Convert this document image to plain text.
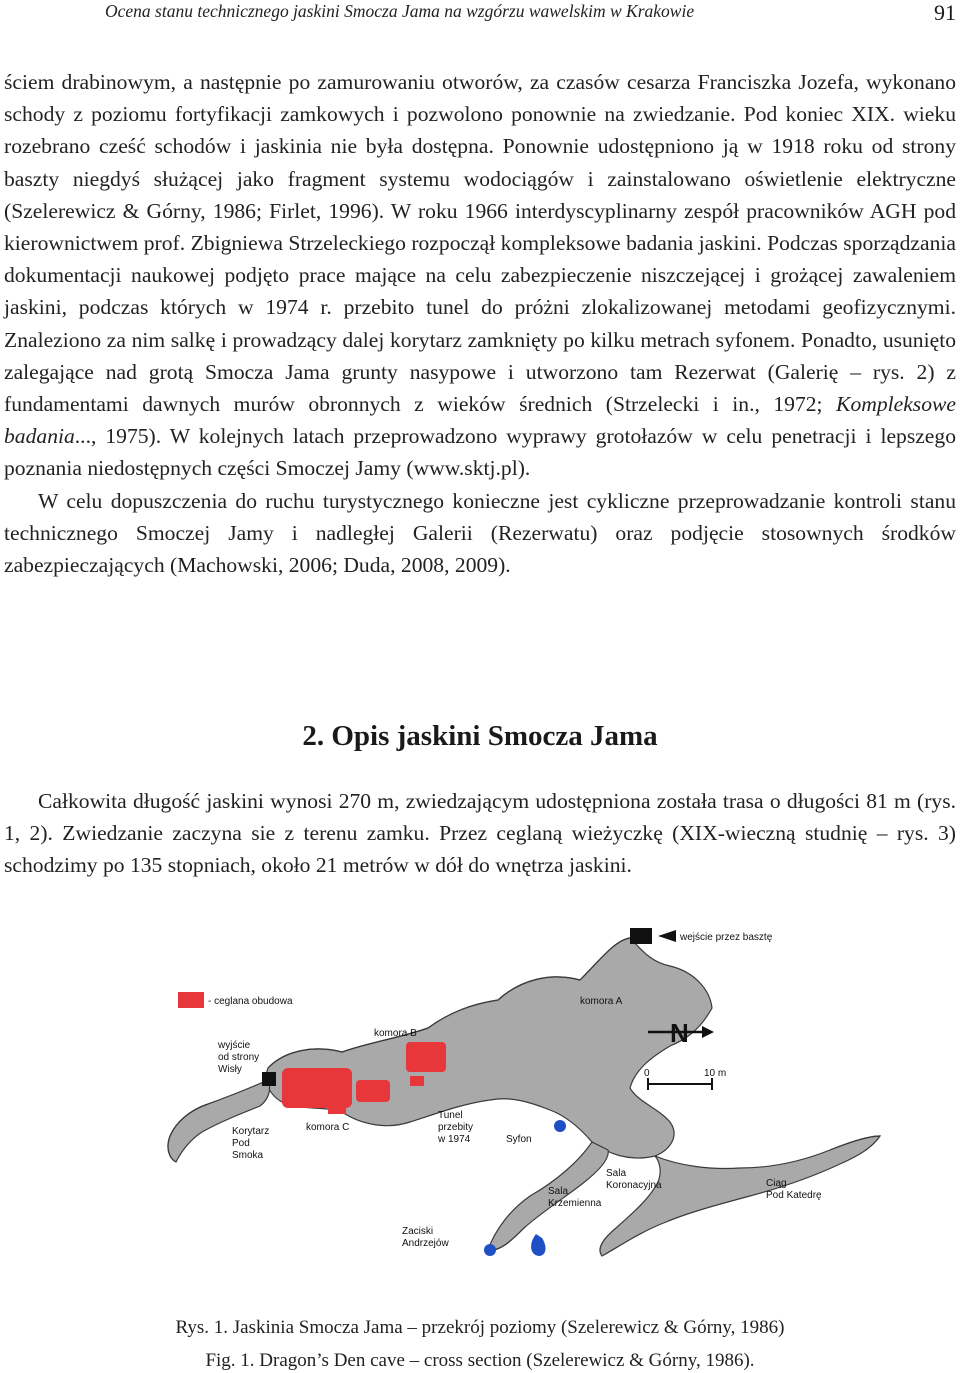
Ocena stanu technicznego jaskini Smocza Jama na wzgórzu wawelskim w Krakowie	91

ściem drabinowym, a następnie po zamurowaniu otworów, za czasów cesarza Franciszka Jozefa, wykonano schody z poziomu fortyfikacji zamkowych i pozwolono ponownie na zwiedzanie. Pod koniec XIX. wieku rozebrano cześć schodów i jaskinia nie była dostępna. Ponownie udostępniono ją w 1918 roku od strony baszty niegdyś służącej jako fragment systemu wodociągów i zainstalowano oświetlenie elektryczne (Szelerewicz & Górny, 1986; Firlet, 1996). W roku 1966 interdyscyplinarny zespół pracowników AGH pod kierownictwem prof. Zbigniewa Strzeleckiego rozpoczął kompleksowe badania jaskini. Podczas sporządzania dokumentacji naukowej podjęto prace mające na celu zabezpieczenie niszczejącej i grożącej zawaleniem jaskini, podczas których w 1974 r. przebito tunel do próżni zlokalizowanej metodami geofizycznymi. Znaleziono za nim salkę i prowadzący dalej korytarz zamknięty po kilku metrach syfonem. Ponadto, usunięto zalegające nad grotą Smocza Jama grunty nasypowe i utworzono tam Rezerwat (Galerię – rys. 2) z fundamentami dawnych murów obronnych z wieków średnich (Strzelecki i in., 1972; Kompleksowe badania..., 1975). W kolejnych latach przeprowadzono wyprawy grotołazów w celu penetracji i lepszego poznania niedostępnych części Smoczej Jamy (www.sktj.pl).

W celu dopuszczenia do ruchu turystycznego konieczne jest cykliczne przeprowadzanie kontroli stanu technicznego Smoczej Jamy i nadległej Galerii (Rezerwatu) oraz podjęcie stosownych środków zabezpieczających (Machowski, 2006; Duda, 2008, 2009).

2. Opis jaskini Smocza Jama

Całkowita długość jaskini wynosi 270 m, zwiedzającym udostępniona została trasa o długości 81 m (rys. 1, 2). Zwiedzanie zaczyna sie z terenu zamku. Przez ceglaną wieżyczkę (XIX-wieczną studnię – rys. 3) schodzimy po 135 stopniach, około 21 metrów w dół do wnętrza jaskini.

- ceglana obudowa
wejście przez basztę
wyjście
od strony
Wisły
komora A
komora B
komora C
Tunel
przebity
w 1974	Syfon
Korytarz
Pod
Smoka
Sala
Koronacyjna
Sala
Krzemienna
Zaciski
Andrzejów
Ciąg
Pod Katedrę
N
0	10 m
Rys. 1. Jaskinia Smocza Jama – przekrój poziomy (Szelerewicz & Górny, 1986)
Fig. 1. Dragon’s Den cave – cross section (Szelerewicz & Górny, 1986).
